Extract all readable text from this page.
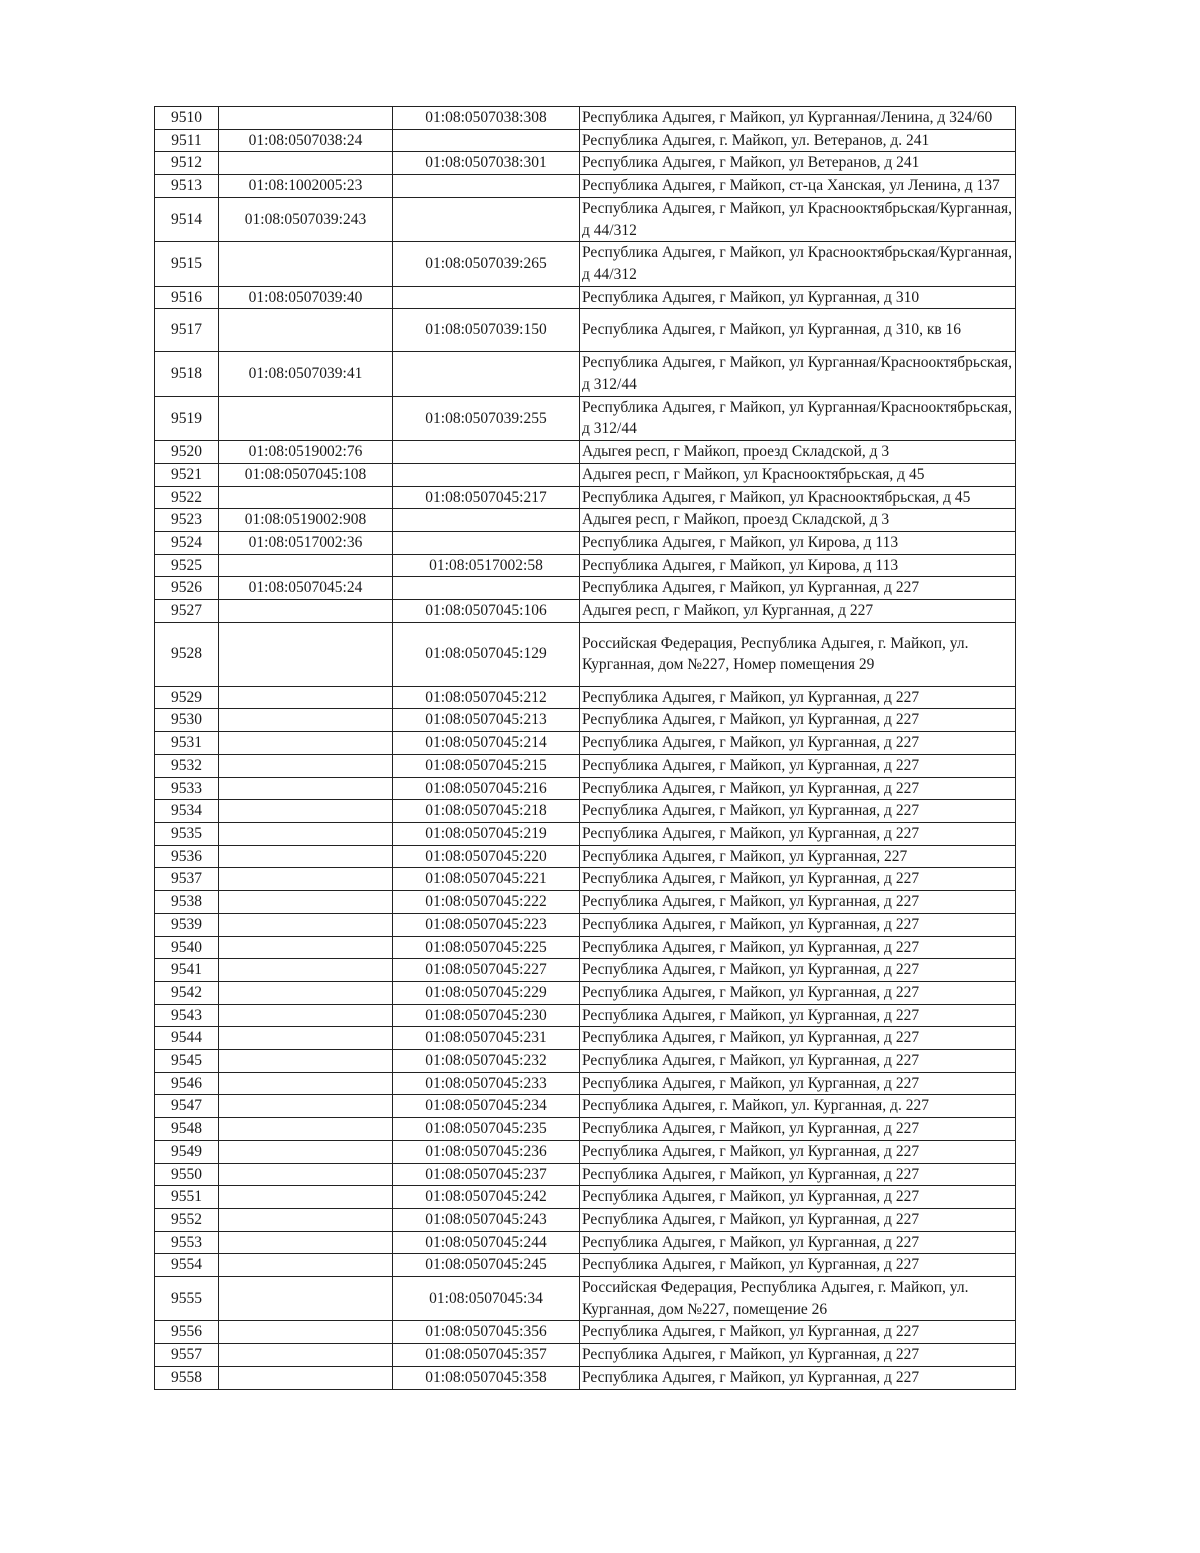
9510		01:08:0507038:308	Республика Адыгея, г Майкоп, ул Курганная/Ленина, д 324/60
9511	01:08:0507038:24		Республика Адыгея, г. Майкоп, ул. Ветеранов, д. 241
9512		01:08:0507038:301	Республика Адыгея, г Майкоп, ул Ветеранов, д 241
9513	01:08:1002005:23		Республика Адыгея, г Майкоп, ст-ца Ханская, ул Ленина, д 137
9514	01:08:0507039:243		Республика Адыгея, г Майкоп, ул Краснооктябрьская/Курганная, д 44/312
9515		01:08:0507039:265	Республика Адыгея, г Майкоп, ул Краснооктябрьская/Курганная, д 44/312
9516	01:08:0507039:40		Республика Адыгея, г Майкоп, ул Курганная, д 310
9517		01:08:0507039:150	Республика Адыгея, г Майкоп, ул Курганная, д 310, кв 16
9518	01:08:0507039:41		Республика Адыгея, г Майкоп, ул Курганная/Краснооктябрьская, д 312/44
9519		01:08:0507039:255	Республика Адыгея, г Майкоп, ул Курганная/Краснооктябрьская, д 312/44
9520	01:08:0519002:76		Адыгея респ, г Майкоп, проезд Складской, д 3
9521	01:08:0507045:108		Адыгея респ, г Майкоп, ул Краснооктябрьская, д 45
9522		01:08:0507045:217	Республика Адыгея, г Майкоп, ул Краснооктябрьская, д 45
9523	01:08:0519002:908		Адыгея респ, г Майкоп, проезд Складской, д 3
9524	01:08:0517002:36		Республика Адыгея, г Майкоп, ул Кирова, д 113
9525		01:08:0517002:58	Республика Адыгея, г Майкоп, ул Кирова, д 113
9526	01:08:0507045:24		Республика Адыгея, г Майкоп, ул Курганная, д 227
9527		01:08:0507045:106	Адыгея респ, г Майкоп, ул Курганная, д 227
9528		01:08:0507045:129	Российская Федерация, Республика Адыгея, г. Майкоп, ул. Курганная, дом №227, Номер помещения 29
9529		01:08:0507045:212	Республика Адыгея, г Майкоп, ул Курганная, д 227
9530		01:08:0507045:213	Республика Адыгея, г Майкоп, ул Курганная, д 227
9531		01:08:0507045:214	Республика Адыгея, г Майкоп, ул Курганная, д 227
9532		01:08:0507045:215	Республика Адыгея, г Майкоп, ул Курганная, д 227
9533		01:08:0507045:216	Республика Адыгея, г Майкоп, ул Курганная, д 227
9534		01:08:0507045:218	Республика Адыгея, г Майкоп, ул Курганная, д 227
9535		01:08:0507045:219	Республика Адыгея, г Майкоп, ул Курганная, д 227
9536		01:08:0507045:220	Республика Адыгея, г Майкоп, ул Курганная, 227
9537		01:08:0507045:221	Республика Адыгея, г Майкоп, ул Курганная, д 227
9538		01:08:0507045:222	Республика Адыгея, г Майкоп, ул Курганная, д 227
9539		01:08:0507045:223	Республика Адыгея, г Майкоп, ул Курганная, д 227
9540		01:08:0507045:225	Республика Адыгея, г Майкоп, ул Курганная, д 227
9541		01:08:0507045:227	Республика Адыгея, г Майкоп, ул Курганная, д 227
9542		01:08:0507045:229	Республика Адыгея, г Майкоп, ул Курганная, д 227
9543		01:08:0507045:230	Республика Адыгея, г Майкоп, ул Курганная, д 227
9544		01:08:0507045:231	Республика Адыгея, г Майкоп, ул Курганная, д 227
9545		01:08:0507045:232	Республика Адыгея, г Майкоп, ул Курганная, д 227
9546		01:08:0507045:233	Республика Адыгея, г Майкоп, ул Курганная, д 227
9547		01:08:0507045:234	Республика Адыгея, г. Майкоп, ул. Курганная, д. 227
9548		01:08:0507045:235	Республика Адыгея, г Майкоп, ул Курганная, д 227
9549		01:08:0507045:236	Республика Адыгея, г Майкоп, ул Курганная, д 227
9550		01:08:0507045:237	Республика Адыгея, г Майкоп, ул Курганная, д 227
9551		01:08:0507045:242	Республика Адыгея, г Майкоп, ул Курганная, д 227
9552		01:08:0507045:243	Республика Адыгея, г Майкоп, ул Курганная, д 227
9553		01:08:0507045:244	Республика Адыгея, г Майкоп, ул Курганная, д 227
9554		01:08:0507045:245	Республика Адыгея, г Майкоп, ул Курганная, д 227
9555		01:08:0507045:34	Российская Федерация, Республика Адыгея, г. Майкоп, ул. Курганная, дом №227, помещение 26
9556		01:08:0507045:356	Республика Адыгея, г Майкоп, ул Курганная, д 227
9557		01:08:0507045:357	Республика Адыгея, г Майкоп, ул Курганная, д 227
9558		01:08:0507045:358	Республика Адыгея, г Майкоп, ул Курганная, д 227
